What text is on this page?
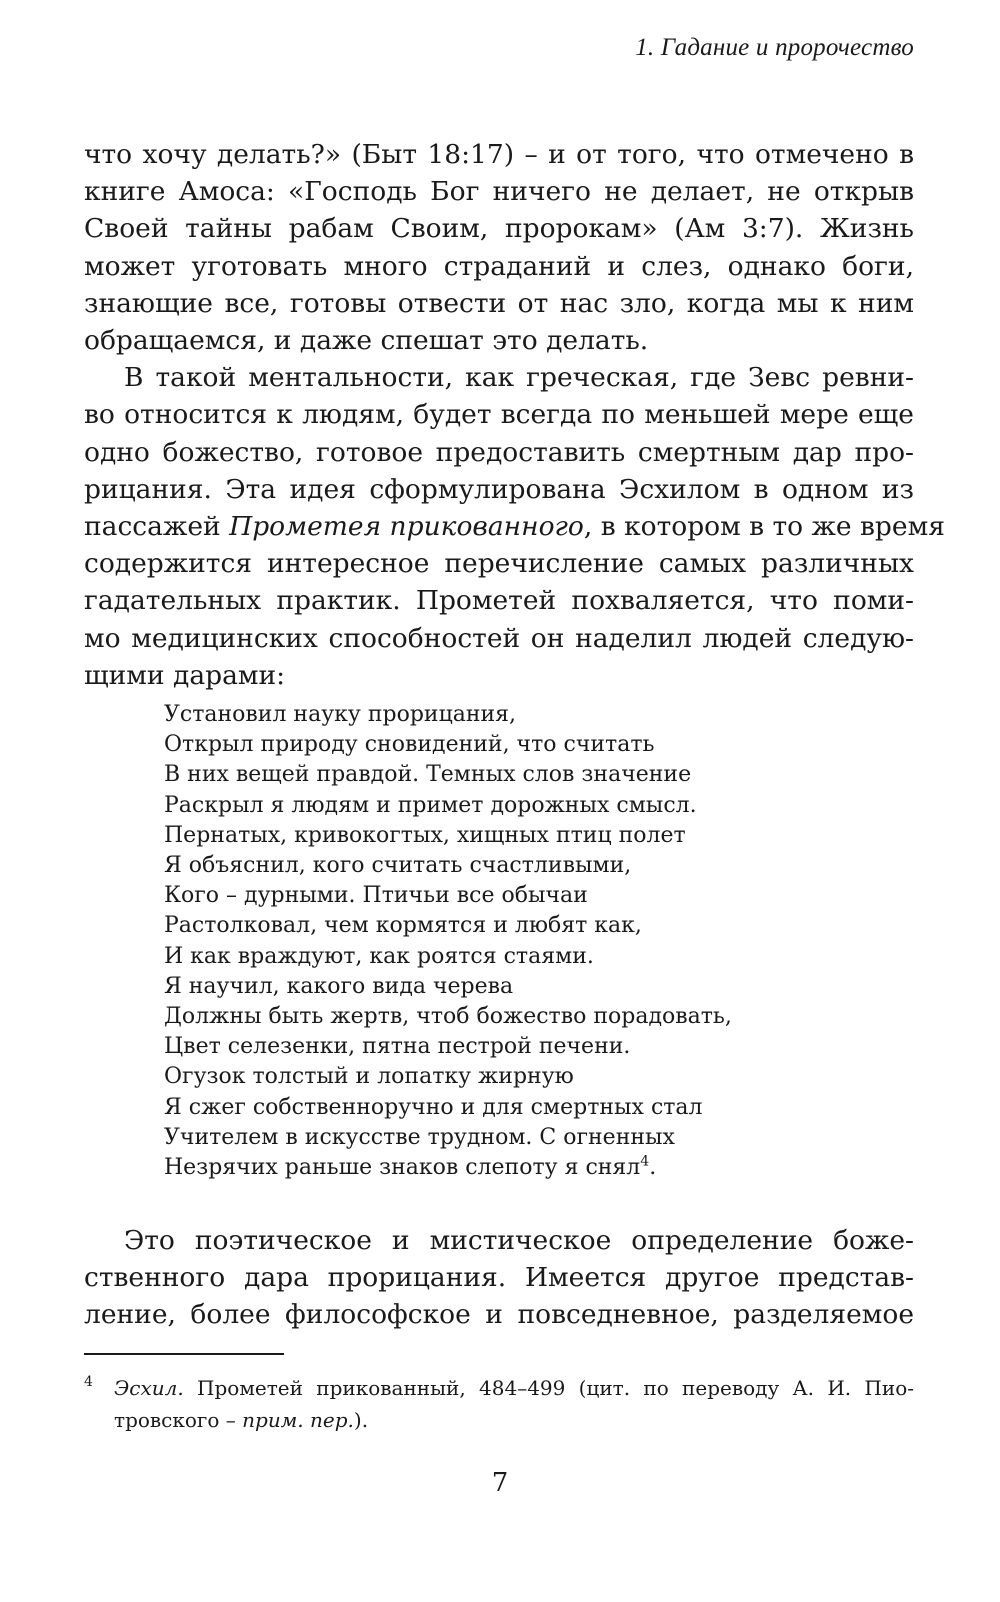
1. Гадание и пророчество
что хочу делать?» (Быт 18:17) – и от того, что отмечено в
книге Амоса: «Господь Бог ничего не делает, не открыв
Своей тайны рабам Своим, пророкам» (Ам 3:7). Жизнь
может уготовать много страданий и слез, однако боги,
знающие все, готовы отвести от нас зло, когда мы к ним
обращаемся, и даже спешат это делать.
В такой ментальности, как греческая, где Зевс ревни-
во относится к людям, будет всегда по меньшей мере еще
одно божество, готовое предоставить смертным дар про-
рицания. Эта идея сформулирована Эсхилом в одном из
пассажей Прометея прикованного, в котором в то же время
содержится интересное перечисление самых различных
гадательных практик. Прометей похваляется, что поми-
мо медицинских способностей он наделил людей следую-
щими дарами:
Установил науку прорицания,
Открыл природу сновидений, что считать
В них вещей правдой. Темных слов значение
Раскрыл я людям и примет дорожных смысл.
Пернатых, кривокогтых, хищных птиц полет
Я объяснил, кого считать счастливыми,
Кого – дурными. Птичьи все обычаи
Растолковал, чем кормятся и любят как,
И как враждуют, как роятся стаями.
Я научил, какого вида черева
Должны быть жертв, чтоб божество порадовать,
Цвет селезенки, пятна пестрой печени.
Огузок толстый и лопатку жирную
Я сжег собственноручно и для смертных стал
Учителем в искусстве трудном. С огненных
Незрячих раньше знаков слепоту я снял$^4$.
Это поэтическое и мистическое определение боже-
ственного дара прорицания. Имеется другое представ-
ление, более философское и повседневное, разделяемое
4	Эсхил. Прометей прикованный, 484–499 (цит. по переводу А. И. Пио-
тровского – прим. пер.).
7
